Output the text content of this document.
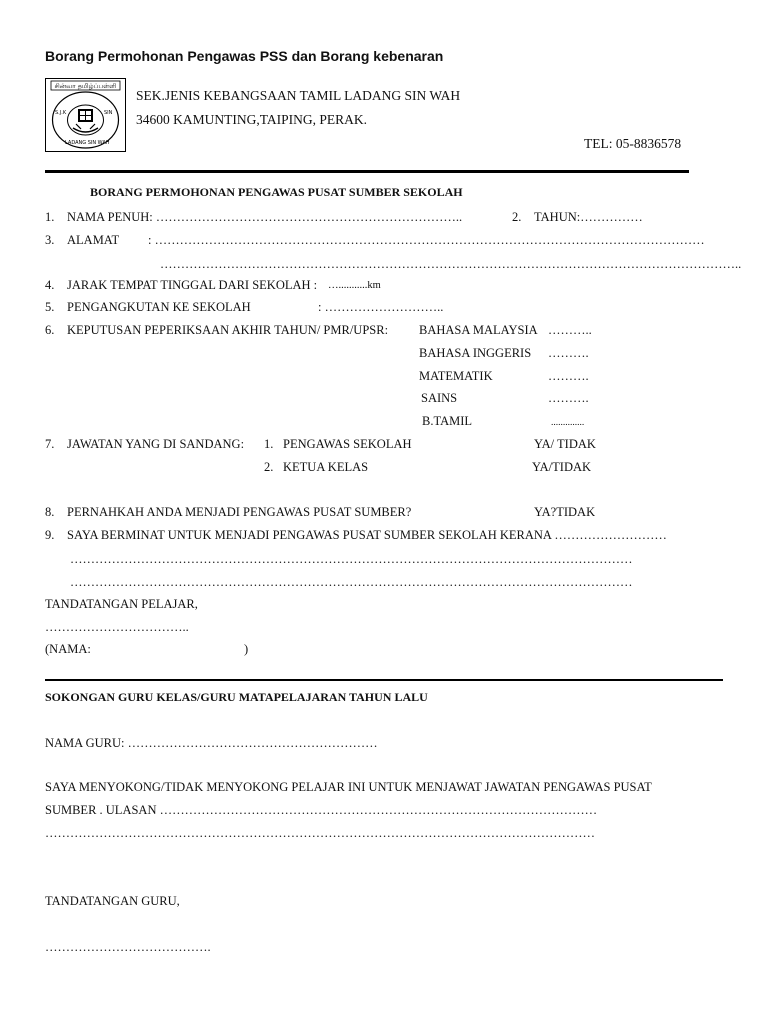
Borang Permohonan Pengawas PSS dan Borang kebenaran
சின்வா தமிழ்ப்பள்ளி
S.J.K	SIN
LADANG SIN WAH
SEK.JENIS KEBANGSAAN TAMIL LADANG SIN WAH
34600 KAMUNTING,TAIPING, PERAK.
TEL: 05-8836578
BORANG PERMOHONAN PENGAWAS PUSAT SUMBER SEKOLAH
1. NAMA PENUH: ………………………………………………………………..	2. TAHUN:……………
3. ALAMAT : ……………………………………………………………………………………………………………………
…………………………………………………………………………………………………………………………..
4. JARAK TEMPAT TINGGAL DARI SEKOLAH : …...........km
5. PENGANGKUTAN KE SEKOLAH	: ………………………..
6. KEPUTUSAN PEPERIKSAAN AKHIR TAHUN/ PMR/UPSR: BAHASA MALAYSIA ………..
BAHASA INGGERIS ……….
MATEMATIK	……….
SAINS	……….
B.TAMIL	..............
7. JAWATAN YANG DI SANDANG: 1. PENGAWAS SEKOLAH	YA/ TIDAK
2. KETUA KELAS	YA/TIDAK
8. PERNAHKAH ANDA MENJADI PENGAWAS PUSAT SUMBER?	YA?TIDAK
9. SAYA BERMINAT UNTUK MENJADI PENGAWAS PUSAT SUMBER SEKOLAH KERANA ………………………
………………………………………………………………………………………………………………………
………………………………………………………………………………………………………………………
TANDATANGAN PELAJAR,
……………………………..
(NAMA:	)
SOKONGAN GURU KELAS/GURU MATAPELAJARAN TAHUN LALU
NAMA GURU: ……………………………………………………
SAYA MENYOKONG/TIDAK MENYOKONG PELAJAR INI UNTUK MENJAWAT JAWATAN PENGAWAS PUSAT
SUMBER . ULASAN ……………………………………………………………………………………………
……………………………………………………………………………………………………………………
TANDATANGAN GURU,
………………………………….
